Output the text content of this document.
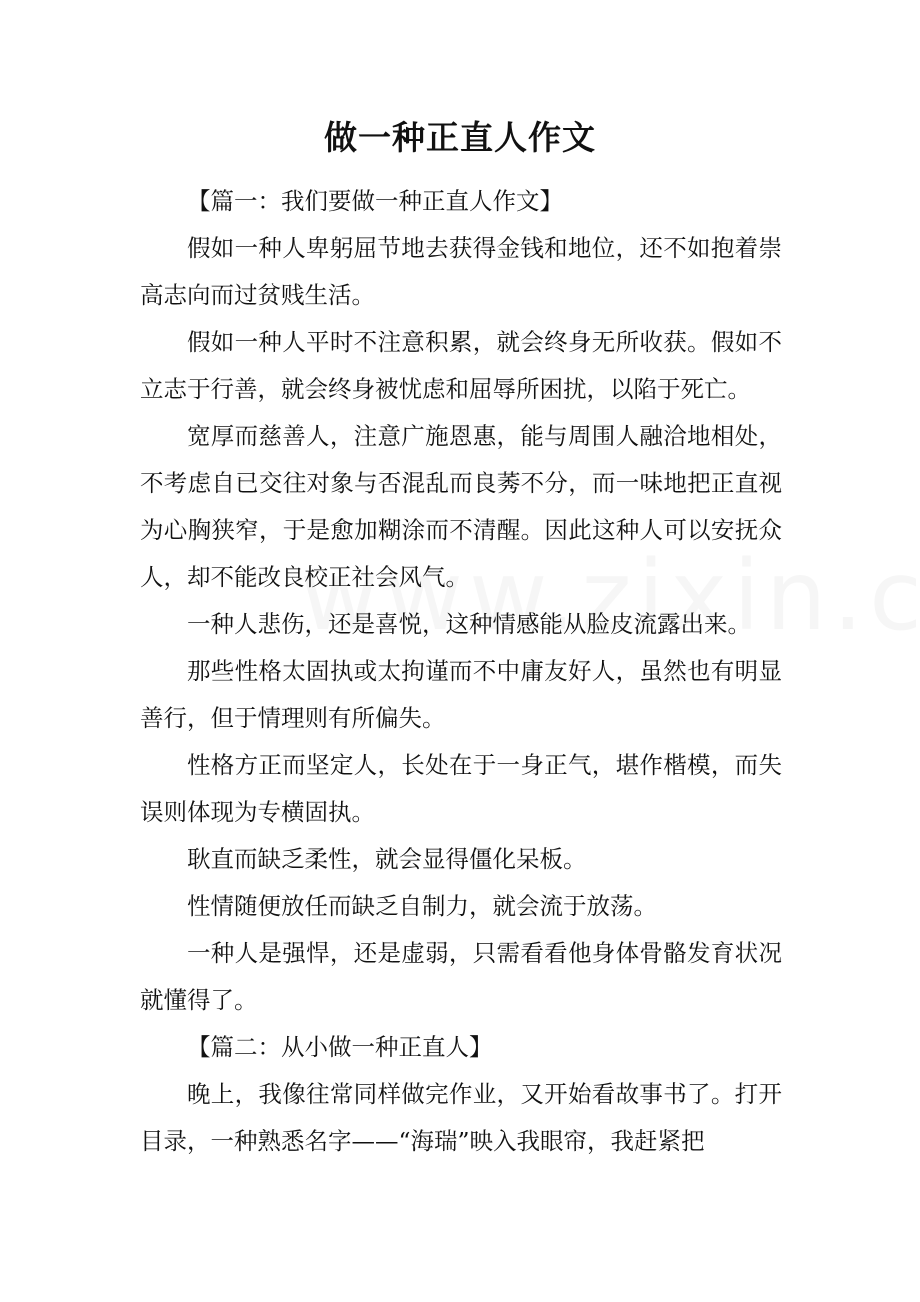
做一种正直人作文

【篇一：我们要做一种正直人作文】

假如一种人卑躬屈节地去获得金钱和地位，还不如抱着崇高志向而过贫贱生活。

假如一种人平时不注意积累，就会终身无所收获。假如不立志于行善，就会终身被忧虑和屈辱所困扰，以陷于死亡。

宽厚而慈善人，注意广施恩惠，能与周围人融洽地相处，不考虑自已交往对象与否混乱而良莠不分，而一味地把正直视为心胸狭窄，于是愈加糊涂而不清醒。因此这种人可以安抚众人，却不能改良校正社会风气。

一种人悲伤，还是喜悦，这种情感能从脸皮流露出来。

那些性格太固执或太拘谨而不中庸友好人，虽然也有明显善行，但于情理则有所偏失。

性格方正而坚定人，长处在于一身正气，堪作楷模，而失误则体现为专横固执。

耿直而缺乏柔性，就会显得僵化呆板。

性情随便放任而缺乏自制力，就会流于放荡。

一种人是强悍，还是虚弱，只需看看他身体骨骼发育状况就懂得了。

【篇二：从小做一种正直人】

晚上，我像往常同样做完作业，又开始看故事书了。打开目录，一种熟悉名字——“海瑞”映入我眼帘，我赶紧把
